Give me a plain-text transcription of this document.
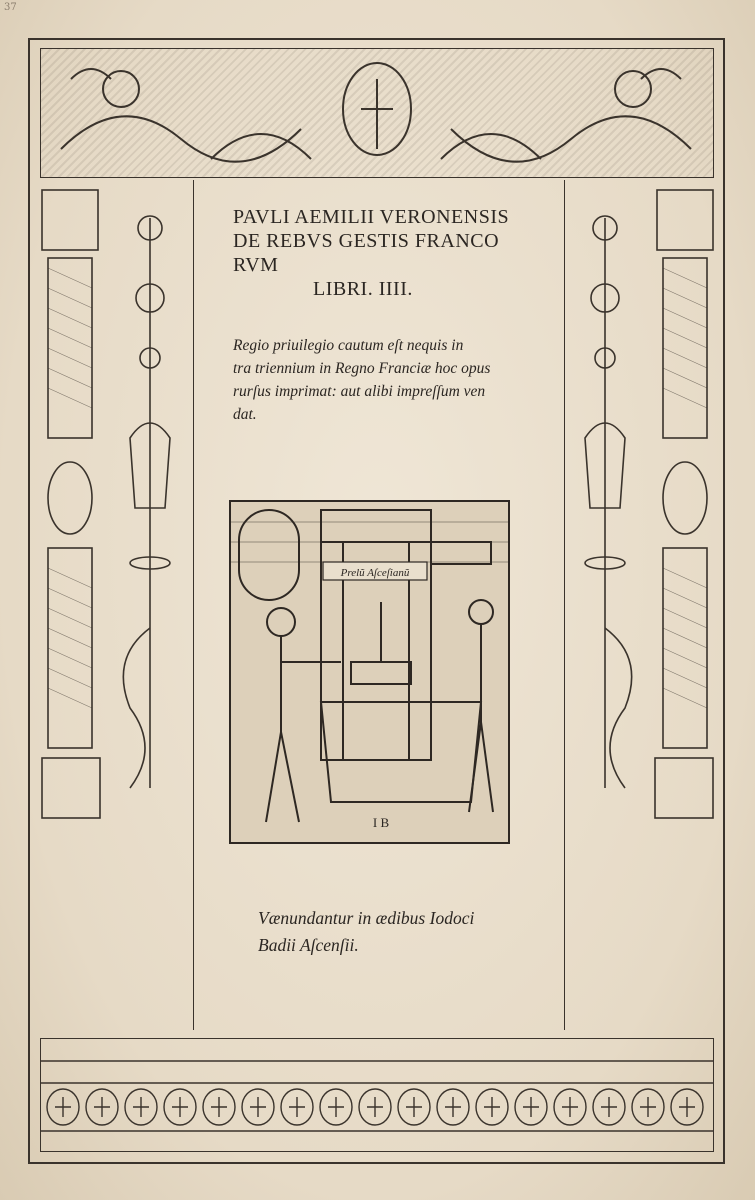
37
PAVLI AEMILII VERONENSIS
DE REBVS GESTIS FRANCO
RVM
LIBRI. IIII.
Regio priuilegio cautum eſt nequis in
tra triennium in Regno Franciæ hoc opus
rurſus imprimat: aut alibi impreſſum ven
dat.
Prelũ Aſceſianũ
I B
Vænundantur in ædibus Iodoci
Badii Aſcenſii.
